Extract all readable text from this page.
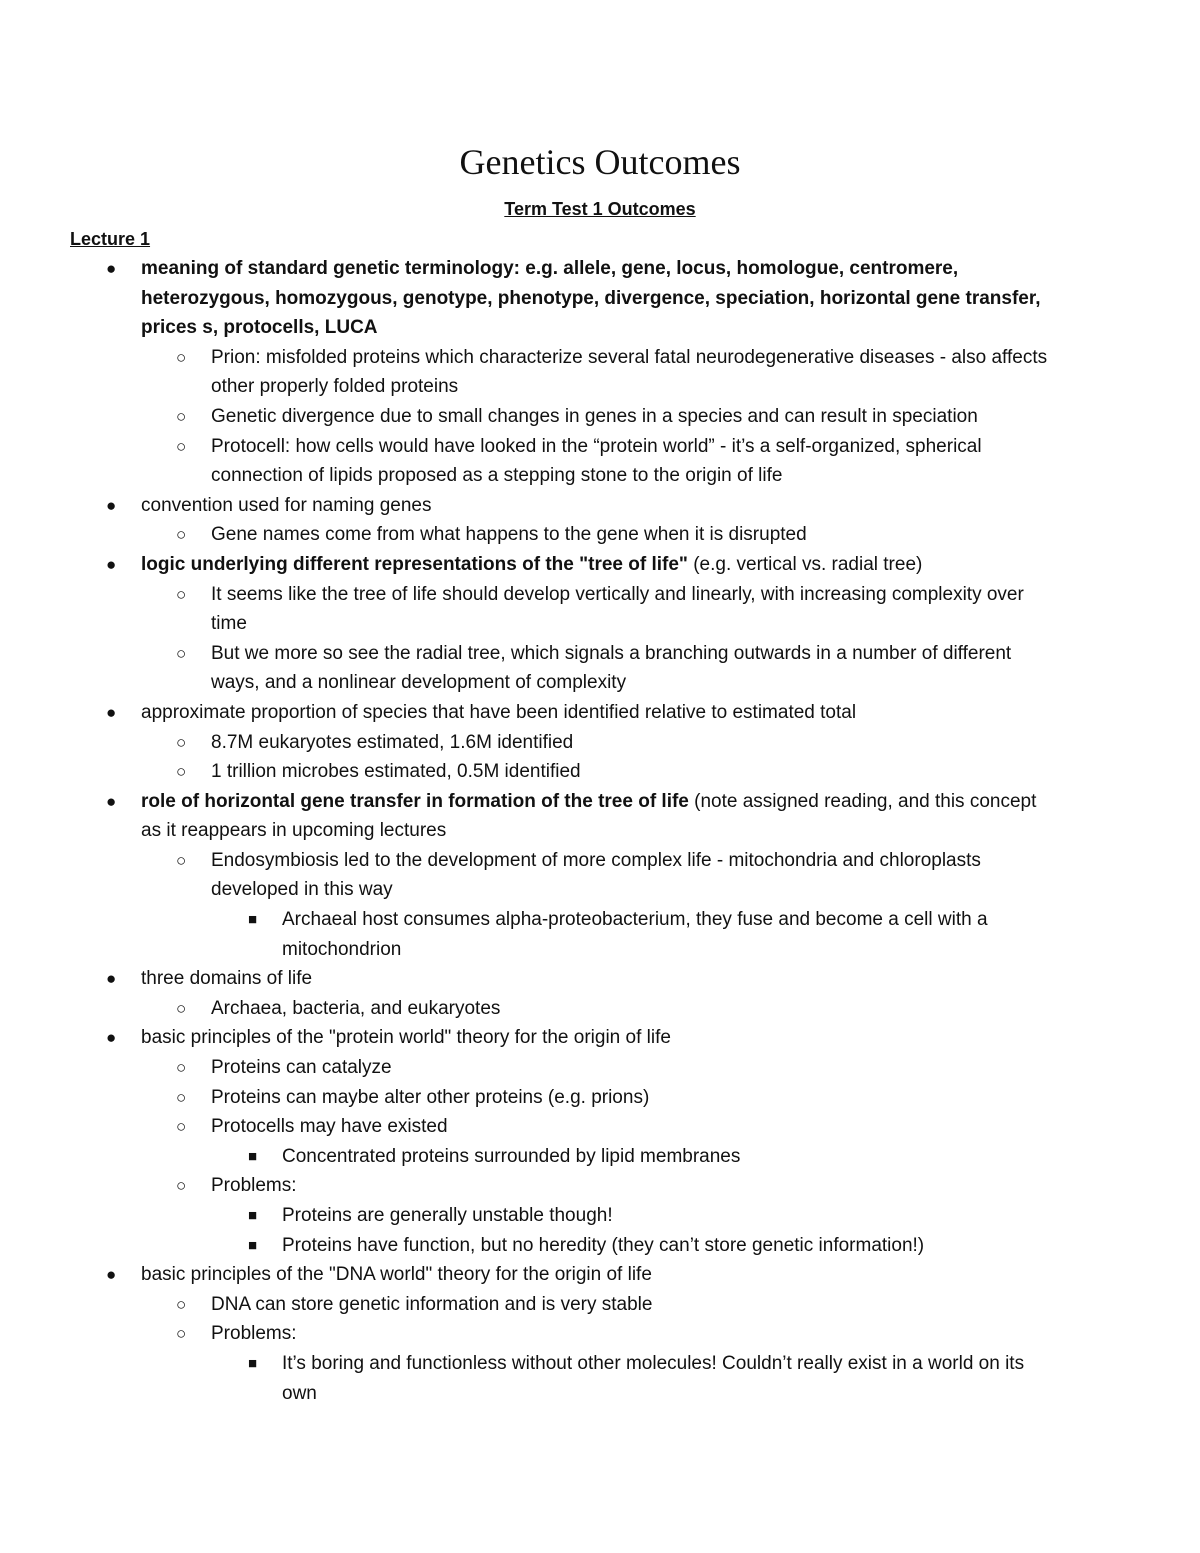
Genetics Outcomes

Term Test 1 Outcomes

Lecture 1

● meaning of standard genetic terminology: e.g. allele, gene, locus, homologue, centromere, heterozygous, homozygous, genotype, phenotype, divergence, speciation, horizontal gene transfer, prices s, protocells, LUCA
○ Prion: misfolded proteins which characterize several fatal neurodegenerative diseases - also affects other properly folded proteins
○ Genetic divergence due to small changes in genes in a species and can result in speciation
○ Protocell: how cells would have looked in the “protein world” - it’s a self-organized, spherical connection of lipids proposed as a stepping stone to the origin of life
● convention used for naming genes
○ Gene names come from what happens to the gene when it is disrupted
● logic underlying different representations of the "tree of life" (e.g. vertical vs. radial tree)
○ It seems like the tree of life should develop vertically and linearly, with increasing complexity over time
○ But we more so see the radial tree, which signals a branching outwards in a number of different ways, and a nonlinear development of complexity
● approximate proportion of species that have been identified relative to estimated total
○ 8.7M eukaryotes estimated, 1.6M identified
○ 1 trillion microbes estimated, 0.5M identified
● role of horizontal gene transfer in formation of the tree of life (note assigned reading, and this concept as it reappears in upcoming lectures
○ Endosymbiosis led to the development of more complex life - mitochondria and chloroplasts developed in this way
■ Archaeal host consumes alpha-proteobacterium, they fuse and become a cell with a mitochondrion
● three domains of life
○ Archaea, bacteria, and eukaryotes
● basic principles of the "protein world" theory for the origin of life
○ Proteins can catalyze
○ Proteins can maybe alter other proteins (e.g. prions)
○ Protocells may have existed
■ Concentrated proteins surrounded by lipid membranes
○ Problems:
■ Proteins are generally unstable though!
■ Proteins have function, but no heredity (they can’t store genetic information!)
● basic principles of the "DNA world" theory for the origin of life
○ DNA can store genetic information and is very stable
○ Problems:
■ It’s boring and functionless without other molecules! Couldn’t really exist in a world on its own
